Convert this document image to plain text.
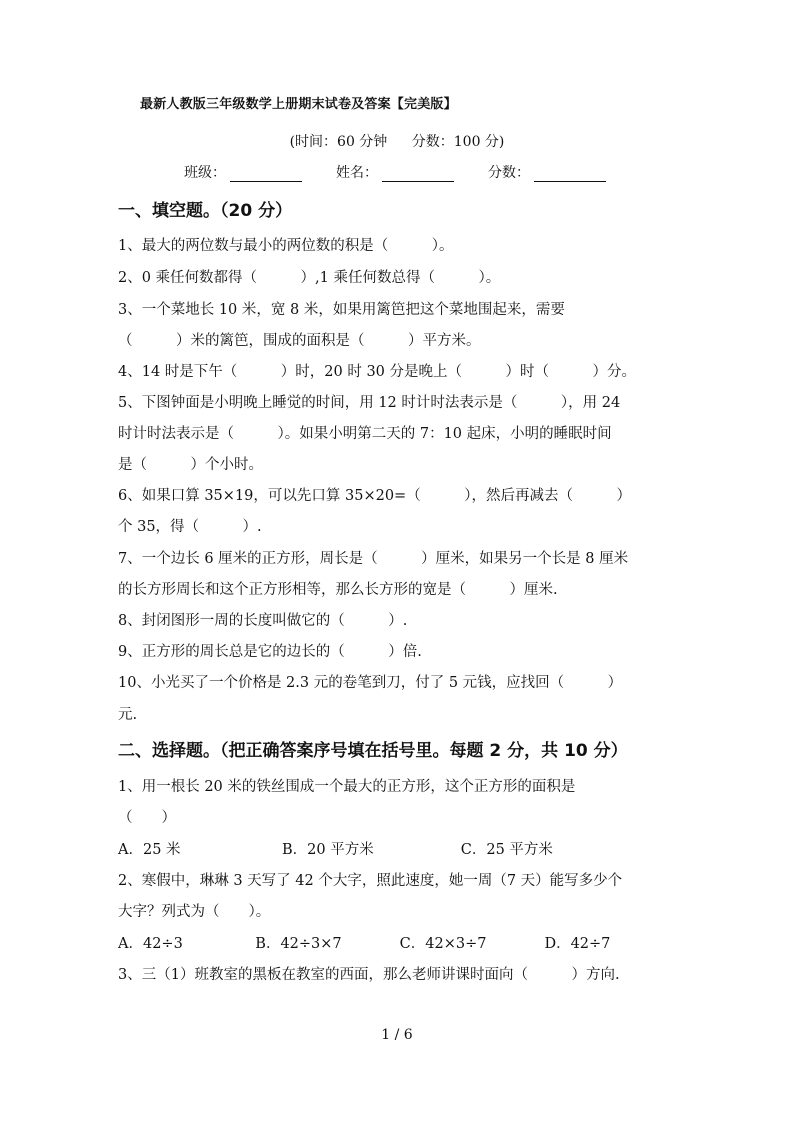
最新人教版三年级数学上册期末试卷及答案【完美版】
(时间：60 分钟 分数：100 分)
班级：	姓名：	分数：
一、填空题。（20 分）
1、最大的两位数与最小的两位数的积是（　　　）。
2、0 乘任何数都得（　　　）,1 乘任何数总得（　　　）。
3、一个菜地长 10 米，宽 8 米，如果用篱笆把这个菜地围起来，需要
（　　　）米的篱笆，围成的面积是（　　　）平方米。
4、14 时是下午（　　　）时，20 时 30 分是晚上（　　　）时（　　　）分。
5、下图钟面是小明晚上睡觉的时间，用 12 时计时法表示是（　　　），用 24
时计时法表示是（　　　）。如果小明第二天的 7：10 起床，小明的睡眠时间
是（　　　）个小时。
6、如果口算 35×19，可以先口算 35×20=（　　　），然后再减去（　　　）
个 35，得（　　　）.
7、一个边长 6 厘米的正方形，周长是（　　　）厘米，如果另一个长是 8 厘米
的长方形周长和这个正方形相等，那么长方形的宽是（　　　）厘米.
8、封闭图形一周的长度叫做它的（　　　）.
9、正方形的周长总是它的边长的（　　　）倍.
10、小光买了一个价格是 2.3 元的卷笔到刀，付了 5 元钱，应找回（　　　）
元.
二、选择题。（把正确答案序号填在括号里。每题 2 分，共 10 分）
1、用一根长 20 米的铁丝围成一个最大的正方形，这个正方形的面积是
（　　）
A．25 米　　　　　　　B．20 平方米　　　　　　C．25 平方米
2、寒假中，琳琳 3 天写了 42 个大字，照此速度，她一周（7 天）能写多少个
大字？列式为（　　）。
A．42÷3　　　　　B．42÷3×7　　　　C．42×3÷7　　　　D．42÷7
3、三（1）班教室的黑板在教室的西面，那么老师讲课时面向（　　　）方向.
1 / 6
